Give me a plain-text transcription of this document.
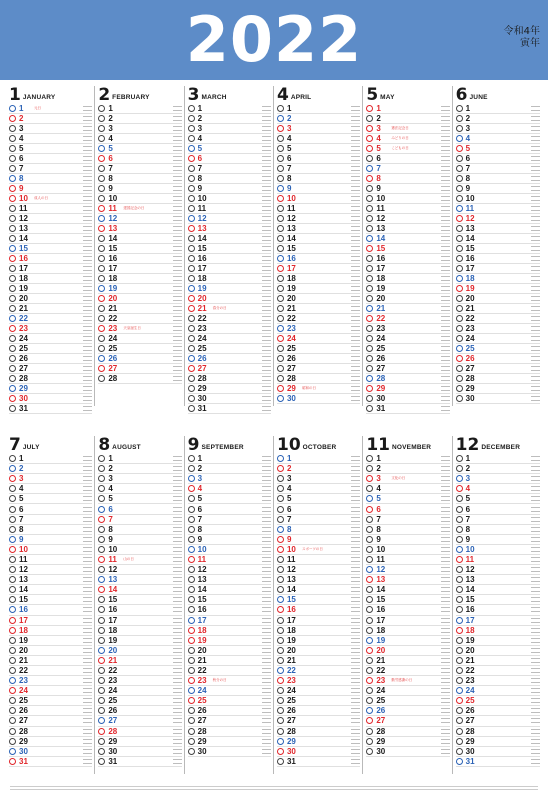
2022	令和4年
寅年
1 JANUARY
1	元日
2
3
4
5
6
7
8
9
10	成人の日
11
12
13
14
15
16
17
18
19
20
21
22
23
24
25
26
27
28
29
30
31
2 FEBRUARY
1
2
3
4
5
6
7
8
9
10
11	建国記念の日
12
13
14
15
16
17
18
19
20
21
22
23	天皇誕生日
24
25
26
27
28
3 MARCH
1
2
3
4
5
6
7
8
9
10
11
12
13
14
15
16
17
18
19
20
21	春分の日
22
23
24
25
26
27
28
29
30
31
4 APRIL
1
2
3
4
5
6
7
8
9
10
11
12
13
14
15
16
17
18
19
20
21
22
23
24
25
26
27
28
29	昭和の日
30
5 MAY
1
2
3	憲法記念日
4	みどりの日
5	こどもの日
6
7
8
9
10
11
12
13
14
15
16
17
18
19
20
21
22
23
24
25
26
27
28
29
30
31
6 JUNE
1
2
3
4
5
6
7
8
9
10
11
12
13
14
15
16
17
18
19
20
21
22
23
24
25
26
27
28
29
30
7 JULY
1
2
3
4
5
6
7
8
9
10
11
12
13
14
15
16
17
18
19
20
21
22
23
24
25
26
27
28
29
30
31
8 AUGUST
1
2
3
4
5
6
7
8
9
10
11	山の日
12
13
14
15
16
17
18
19
20
21
22
23
24
25
26
27
28
29
30
31
9 SEPTEMBER
1
2
3
4
5
6
7
8
9
10
11
12
13
14
15
16
17
18
19
20
21
22
23	秋分の日
24
25
26
27
28
29
30
10 OCTOBER
1
2
3
4
5
6
7
8
9
10	スポーツの日
11
12
13
14
15
16
17
18
19
20
21
22
23
24
25
26
27
28
29
30
31
11 NOVEMBER
1
2
3	文化の日
4
5
6
7
8
9
10
11
12
13
14
15
16
17
18
19
20
21
22
23	勤労感謝の日
24
25
26
27
28
29
30
12 DECEMBER
1
2
3
4
5
6
7
8
9
10
11
12
13
14
15
16
17
18
19
20
21
22
23
24
25
26
27
28
29
30
31
